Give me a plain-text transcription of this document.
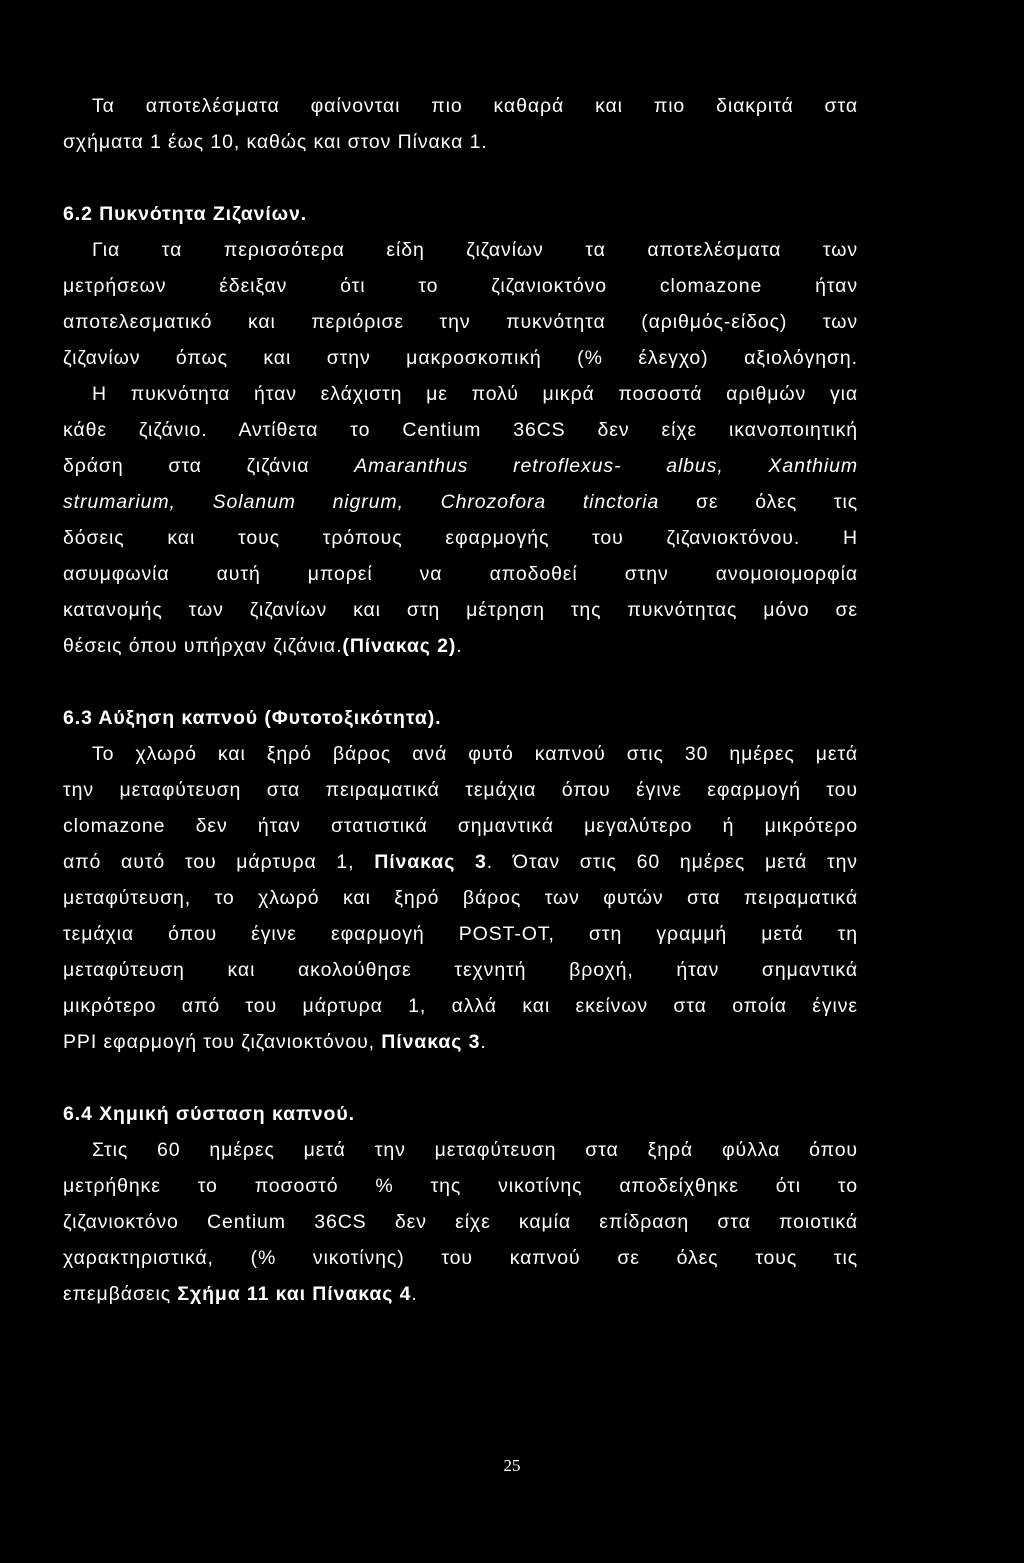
Τα αποτελέσματα φαίνονται πιο καθαρά και πιο διακριτά στα
σχήματα 1 έως 10, καθώς και στον Πίνακα 1.
6.2 Πυκνότητα Ζιζανίων.
Για τα περισσότερα είδη ζιζανίων τα αποτελέσματα των
μετρήσεων έδειξαν ότι το ζιζανιοκτόνο clomazone ήταν
αποτελεσματικό και περιόρισε την πυκνότητα (αριθμός-είδος) των
ζιζανίων όπως και στην μακροσκοπική (% έλεγχο) αξιολόγηση.
Η πυκνότητα ήταν ελάχιστη με πολύ μικρά ποσοστά αριθμών για
κάθε ζιζάνιο. Αντίθετα το Centium 36CS δεν είχε ικανοποιητική
δράση στα ζιζάνια Amaranthus retroflexus- albus, Xanthium
strumarium, Solanum nigrum, Chrozofora tinctoria σε όλες τις
δόσεις και τους τρόπους εφαρμογής του ζιζανιοκτόνου. Η
ασυμφωνία αυτή μπορεί να αποδοθεί στην ανομοιομορφία
κατανομής των ζιζανίων και στη μέτρηση της πυκνότητας μόνο σε
θέσεις όπου υπήρχαν ζιζάνια.(Πίνακας 2).
6.3 Αύξηση καπνού (Φυτοτοξικότητα).
Το χλωρό και ξηρό βάρος ανά φυτό καπνού στις 30 ημέρες μετά
την μεταφύτευση στα πειραματικά τεμάχια όπου έγινε εφαρμογή του
clomazone δεν ήταν στατιστικά σημαντικά μεγαλύτερο ή μικρότερο
από αυτό του μάρτυρα 1, Πίνακας 3. Όταν στις 60 ημέρες μετά την
μεταφύτευση, το χλωρό και ξηρό βάρος των φυτών στα πειραματικά
τεμάχια όπου έγινε εφαρμογή POST-OT, στη γραμμή μετά τη
μεταφύτευση και ακολούθησε τεχνητή βροχή, ήταν σημαντικά
μικρότερο από του μάρτυρα 1, αλλά και εκείνων στα οποία έγινε
PPI εφαρμογή του ζιζανιοκτόνου, Πίνακας 3.
6.4 Χημική σύσταση καπνού.
Στις 60 ημέρες μετά την μεταφύτευση στα ξηρά φύλλα όπου
μετρήθηκε το ποσοστό % της νικοτίνης αποδείχθηκε ότι το
ζιζανιοκτόνο Centium 36CS δεν είχε καμία επίδραση στα ποιοτικά
χαρακτηριστικά, (% νικοτίνης) του καπνού σε όλες τους τις
επεμβάσεις Σχήμα 11 και Πίνακας 4.
25
